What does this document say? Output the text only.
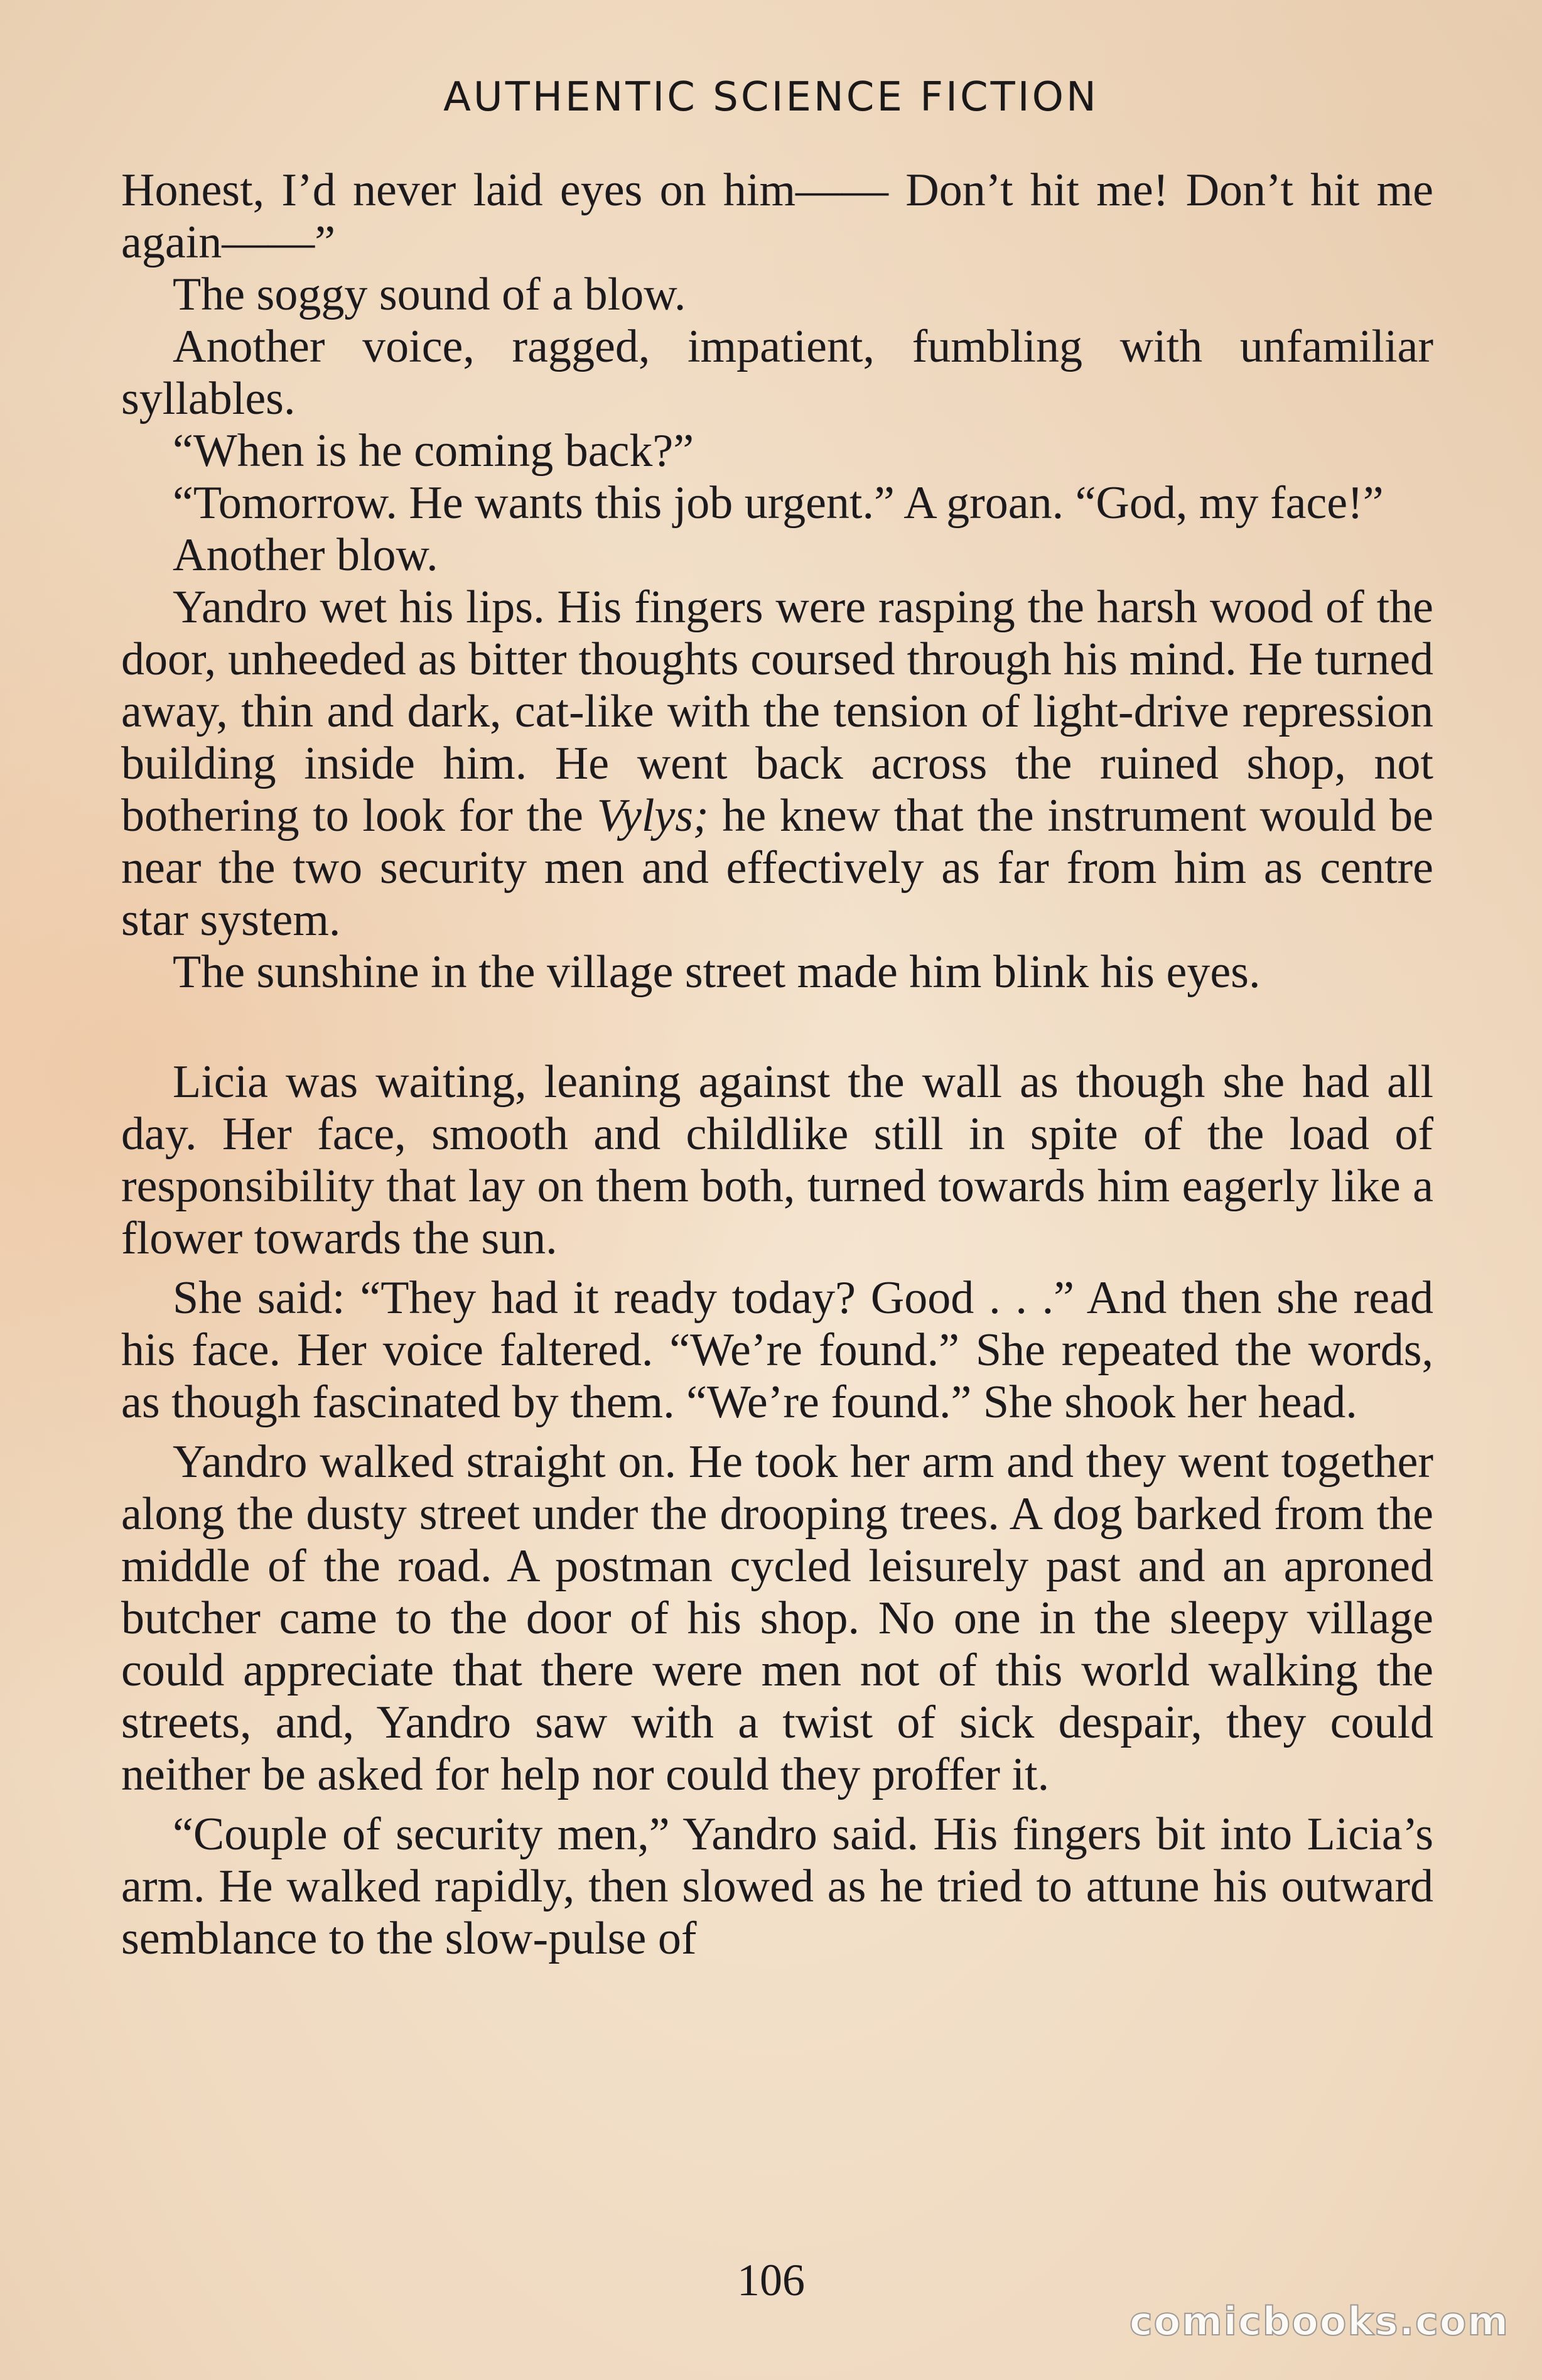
AUTHENTIC SCIENCE FICTION

Honest, I’d never laid eyes on him—— Don’t hit me! Don’t hit me again——”

The soggy sound of a blow.

Another voice, ragged, impatient, fumbling with unfamiliar syllables.

“When is he coming back?”

“Tomorrow. He wants this job urgent.” A groan. “God, my face!”

Another blow.

Yandro wet his lips. His fingers were rasping the harsh wood of the door, unheeded as bitter thoughts coursed through his mind. He turned away, thin and dark, cat-like with the tension of light-drive repression building inside him. He went back across the ruined shop, not bothering to look for the Vylys; he knew that the instrument would be near the two security men and effectively as far from him as centre star system.

The sunshine in the village street made him blink his eyes.

Licia was waiting, leaning against the wall as though she had all day. Her face, smooth and childlike still in spite of the load of responsibility that lay on them both, turned towards him eagerly like a flower towards the sun.

She said: “They had it ready today? Good . . .” And then she read his face. Her voice faltered. “We’re found.” She repeated the words, as though fascinated by them. “We’re found.” She shook her head.

Yandro walked straight on. He took her arm and they went together along the dusty street under the drooping trees. A dog barked from the middle of the road. A postman cycled leisurely past and an aproned butcher came to the door of his shop. No one in the sleepy village could appreciate that there were men not of this world walking the streets, and, Yandro saw with a twist of sick despair, they could neither be asked for help nor could they proffer it.

“Couple of security men,” Yandro said. His fingers bit into Licia’s arm. He walked rapidly, then slowed as he tried to attune his outward semblance to the slow-pulse of

106
comicbooks.com
